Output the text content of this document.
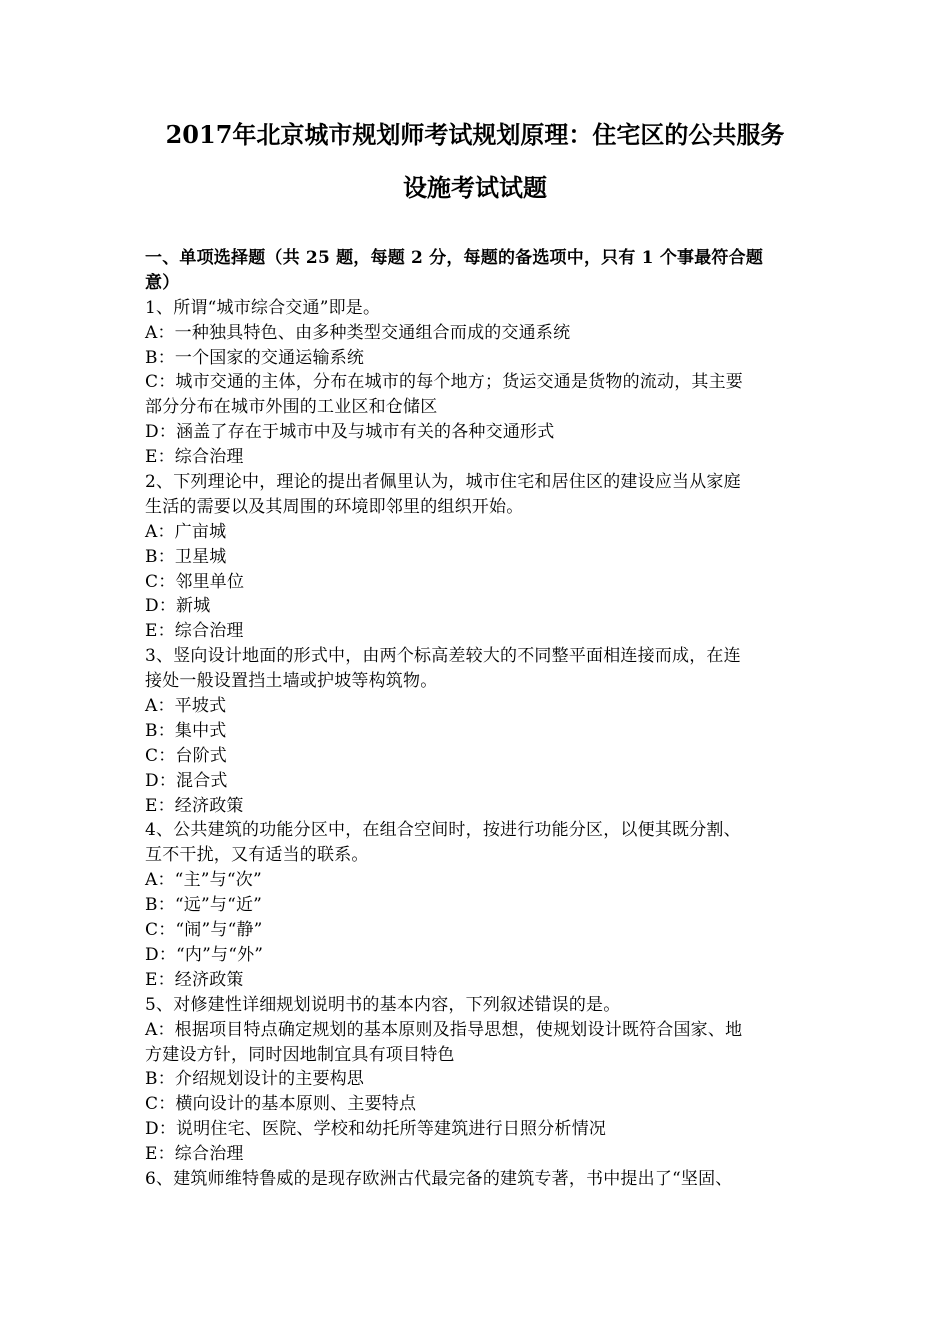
2017年北京城市规划师考试规划原理：住宅区的公共服务
设施考试试题
一、单项选择题（共 25 题，每题 2 分，每题的备选项中，只有 1 个事最符合题
意）
1、所谓“城市综合交通”即是。
A：一种独具特色、由多种类型交通组合而成的交通系统
B：一个国家的交通运输系统
C：城市交通的主体，分布在城市的每个地方；货运交通是货物的流动，其主要
部分分布在城市外围的工业区和仓储区
D：涵盖了存在于城市中及与城市有关的各种交通形式
E：综合治理
2、下列理论中，理论的提出者佩里认为，城市住宅和居住区的建设应当从家庭
生活的需要以及其周围的环境即邻里的组织开始。
A：广亩城
B：卫星城
C：邻里单位
D：新城
E：综合治理
3、竖向设计地面的形式中，由两个标高差较大的不同整平面相连接而成，在连
接处一般设置挡土墙或护坡等构筑物。
A：平坡式
B：集中式
C：台阶式
D：混合式
E：经济政策
4、公共建筑的功能分区中，在组合空间时，按进行功能分区，以便其既分割、
互不干扰，又有适当的联系。
A：“主”与“次”
B：“远”与“近”
C：“闹”与“静”
D：“内”与“外”
E：经济政策
5、对修建性详细规划说明书的基本内容，下列叙述错误的是。
A：根据项目特点确定规划的基本原则及指导思想，使规划设计既符合国家、地
方建设方针，同时因地制宜具有项目特色
B：介绍规划设计的主要构思
C：横向设计的基本原则、主要特点
D：说明住宅、医院、学校和幼托所等建筑进行日照分析情况
E：综合治理
6、建筑师维特鲁威的是现存欧洲古代最完备的建筑专著，书中提出了“坚固、
